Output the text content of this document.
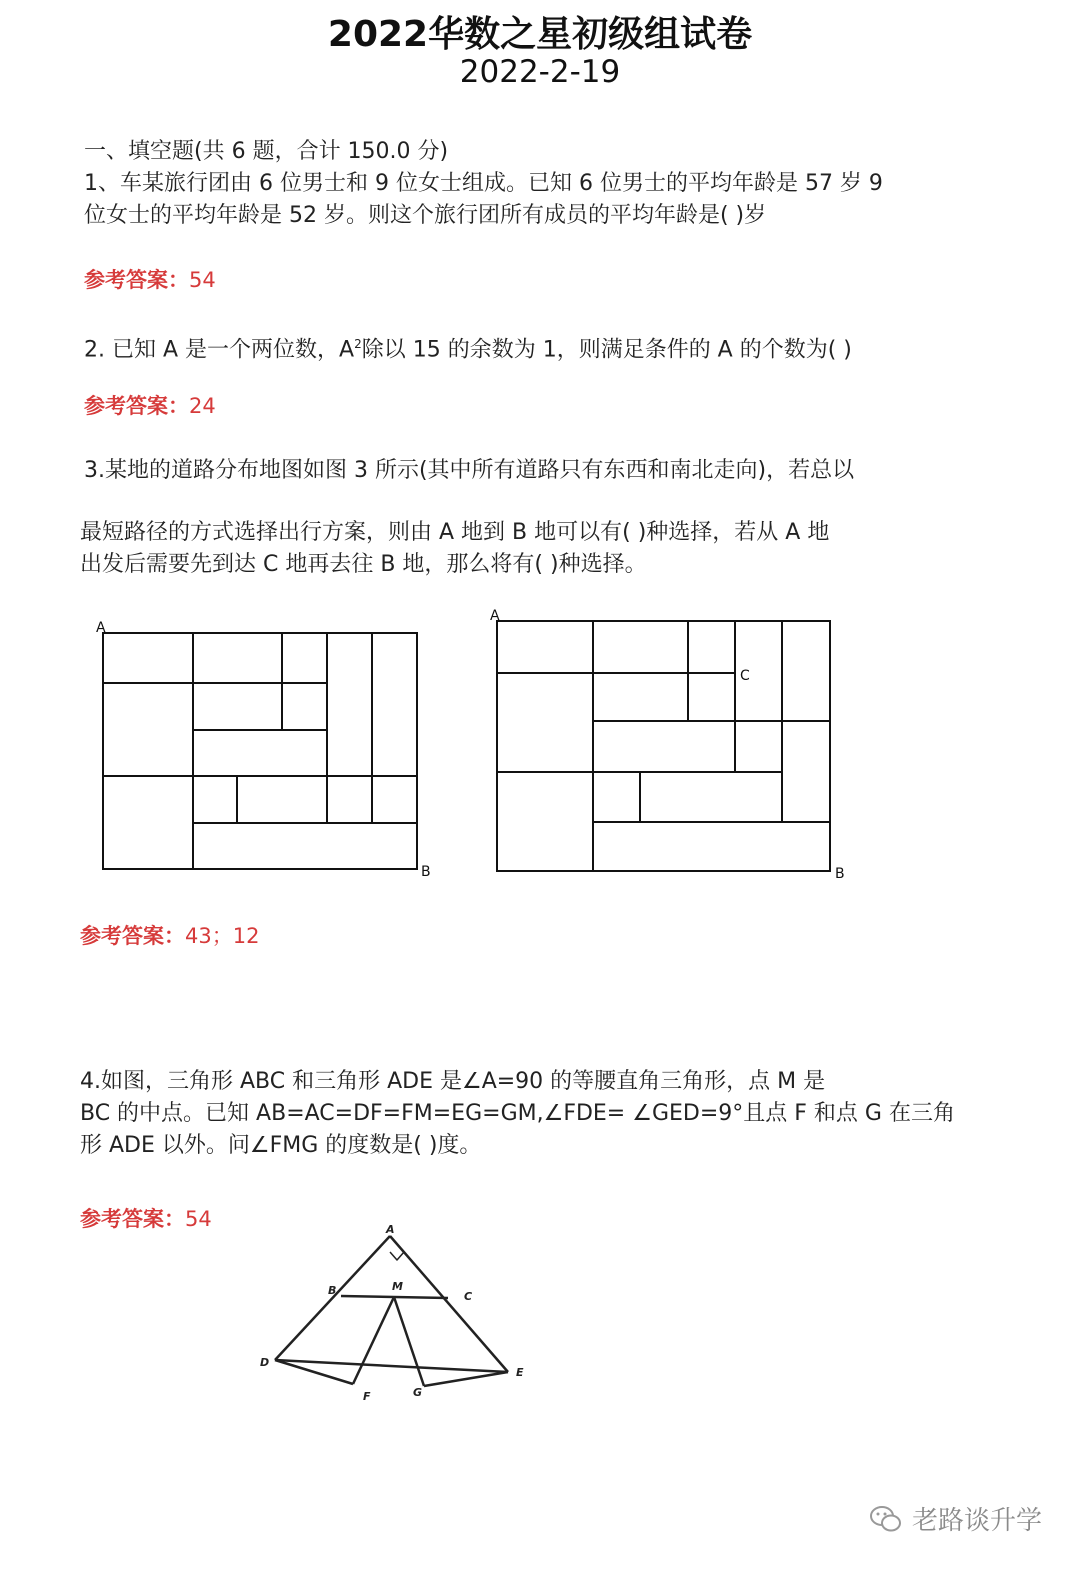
2022华数之星初级组试卷
2022-2-19
一、填空题(共 6 题，合计 150.0 分)
1、车某旅行团由 6 位男士和 9 位女士组成。已知 6 位男士的平均年龄是 57 岁 9
位女士的平均年龄是 52 岁。则这个旅行团所有成员的平均年龄是( )岁
参考答案：54
2. 已知 A 是一个两位数，$A^2$除以 15 的余数为 1，则满足条件的 A 的个数为( )
参考答案：24
3.某地的道路分布地图如图 3 所示(其中所有道路只有东西和南北走向)，若总以
最短路径的方式选择出行方案，则由 A 地到 B 地可以有( )种选择，若从 A 地
出发后需要先到达 C 地再去往 B 地，那么将有( )种选择。
A
B
A
C
B
参考答案：43；12
4.如图，三角形 ABC 和三角形 ADE 是∠A=90 的等腰直角三角形，点 M 是
BC 的中点。已知 AB=AC=DF=FM=EG=GM,∠FDE= ∠GED=9°且点 F 和点 G 在三角
形 ADE 以外。问∠FMG 的度数是( )度。
参考答案：54	A
B	C
M
D
E
F	G
老路谈升学
